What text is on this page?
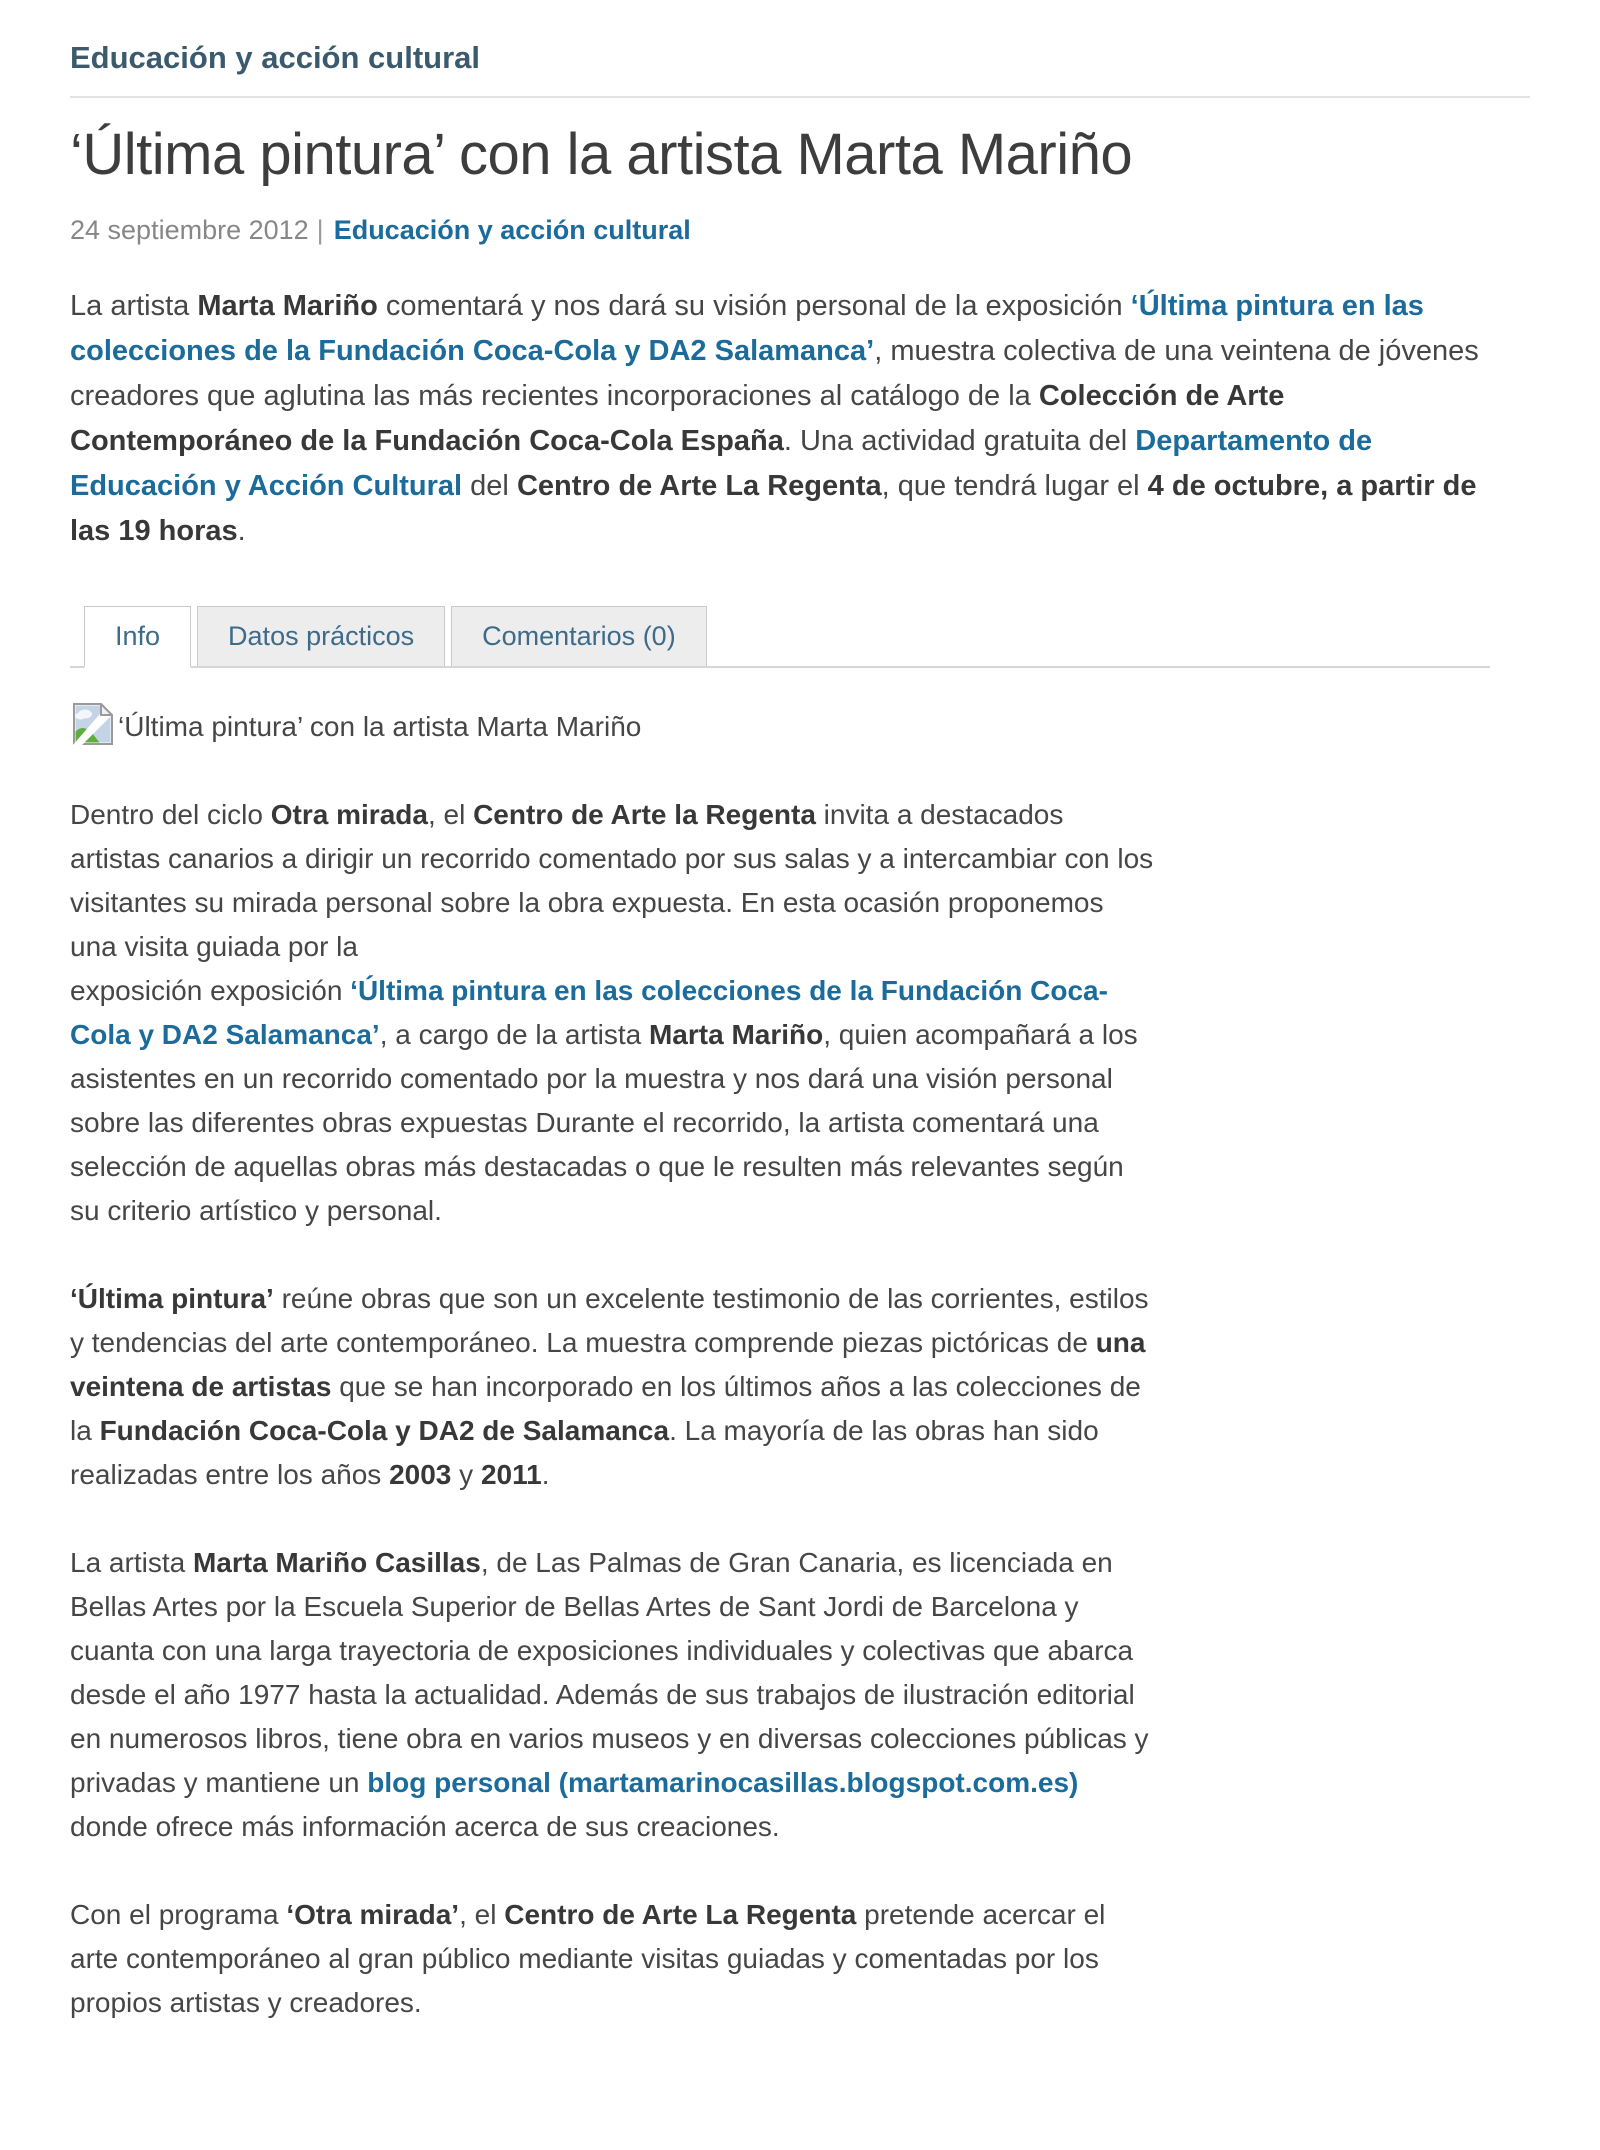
Educación y acción cultural
‘Última pintura’ con la artista Marta Mariño
24 septiembre 2012 | Educación y acción cultural

La artista Marta Mariño comentará y nos dará su visión personal de la exposición ‘Última pintura en las colecciones de la Fundación Coca-Cola y DA2 Salamanca’, muestra colectiva de una veintena de jóvenes creadores que aglutina las más recientes incorporaciones al catálogo de la Colección de Arte Contemporáneo de la Fundación Coca-Cola España. Una actividad gratuita del Departamento de Educación y Acción Cultural del Centro de Arte La Regenta, que tendrá lugar el 4 de octubre, a partir de las 19 horas.

Info	Datos prácticos	Comentarios (0)
‘Última pintura’ con la artista Marta Mariño

Dentro del ciclo Otra mirada, el Centro de Arte la Regenta invita a destacados artistas canarios a dirigir un recorrido comentado por sus salas y a intercambiar con los visitantes su mirada personal sobre la obra expuesta. En esta ocasión proponemos una visita guiada por la
exposición exposición ‘Última pintura en las colecciones de la Fundación Coca-Cola y DA2 Salamanca’, a cargo de la artista Marta Mariño, quien acompañará a los asistentes en un recorrido comentado por la muestra y nos dará una visión personal sobre las diferentes obras expuestas Durante el recorrido, la artista comentará una selección de aquellas obras más destacadas o que le resulten más relevantes según su criterio artístico y personal.

‘Última pintura’ reúne obras que son un excelente testimonio de las corrientes, estilos y tendencias del arte contemporáneo. La muestra comprende piezas pictóricas de una veintena de artistas que se han incorporado en los últimos años a las colecciones de la Fundación Coca-Cola y DA2 de Salamanca. La mayoría de las obras han sido realizadas entre los años 2003 y 2011.

La artista Marta Mariño Casillas, de Las Palmas de Gran Canaria, es licenciada en Bellas Artes por la Escuela Superior de Bellas Artes de Sant Jordi de Barcelona y cuanta con una larga trayectoria de exposiciones individuales y colectivas que abarca desde el año 1977 hasta la actualidad. Además de sus trabajos de ilustración editorial en numerosos libros, tiene obra en varios museos y en diversas colecciones públicas y privadas y mantiene un blog personal (martamarinocasillas.blogspot.com.es) donde ofrece más información acerca de sus creaciones.

Con el programa ‘Otra mirada’, el Centro de Arte La Regenta pretende acercar el arte contemporáneo al gran público mediante visitas guiadas y comentadas por los propios artistas y creadores.
